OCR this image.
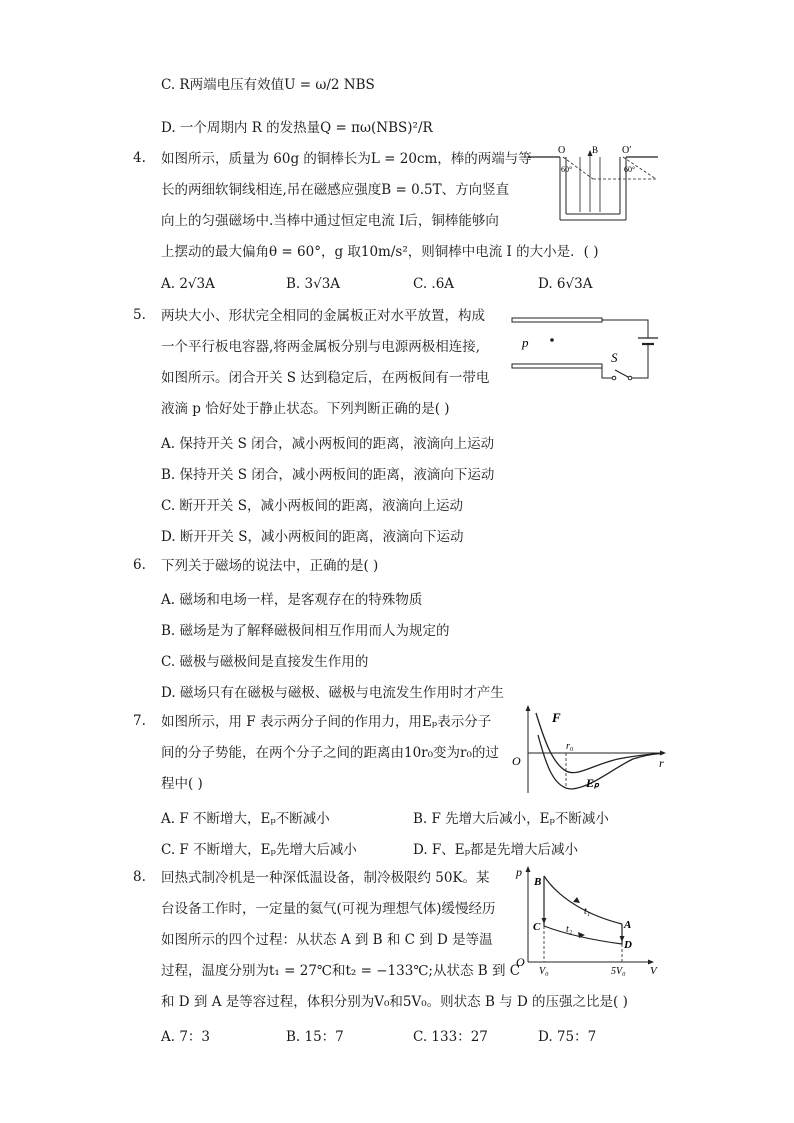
C. R两端电压有效值U = ω/2 NBS
D. 一个周期内 R 的发热量Q = πω(NBS)²/R
4. 如图所示，质量为 60g 的铜棒长为L = 20cm，棒的两端与等
长的两细软铜线相连,吊在磁感应强度B = 0.5T、方向竖直
向上的匀强磁场中.当棒中通过恒定电流 I后，铜棒能够向
上摆动的最大偏角θ = 60°，g 取10m/s²，则铜棒中电流 I 的大小是．( )
A. 2√3A	B. 3√3A	C. .6A	D. 6√3A
O	B O′
60°	60°
5. 两块大小、形状完全相同的金属板正对水平放置，构成
一个平行板电容器,将两金属板分别与电源两极相连接,
如图所示。闭合开关 S 达到稳定后，在两板间有一带电
液滴 p 恰好处于静止状态。下列判断正确的是( )
A. 保持开关 S 闭合，减小两板间的距离，液滴向上运动
B. 保持开关 S 闭合，减小两板间的距离，液滴向下运动
C. 断开开关 S，减小两板间的距离，液滴向上运动
D. 断开开关 S，减小两板间的距离，液滴向下运动
p
S
6. 下列关于磁场的说法中，正确的是( )
A. 磁场和电场一样，是客观存在的特殊物质
B. 磁场是为了解释磁极间相互作用而人为规定的
C. 磁极与磁极间是直接发生作用的
D. 磁场只有在磁极与磁极、磁极与电流发生作用时才产生
7. 如图所示，用 F 表示两分子间的作用力，用Eₚ表示分子
间的分子势能，在两个分子之间的距离由10r₀变为r₀的过
程中( )
A. F 不断增大，Eₚ不断减小	B. F 先增大后减小，Eₚ不断减小
C. F 不断增大，Eₚ先增大后减小	D. F、Eₚ都是先增大后减小
F
r₀
O	r
Eₚ
8. 回热式制冷机是一种深低温设备，制冷极限约 50K。某
台设备工作时，一定量的氦气(可视为理想气体)缓慢经历
如图所示的四个过程：从状态 A 到 B 和 C 到 D 是等温
过程，温度分别为t₁ = 27℃和t₂ = −133℃;从状态 B 到 C
和 D 到 A 是等容过程，体积分别为V₀和5V₀。则状态 B 与 D 的压强之比是( )
A. 7：3	B. 15：7	C. 133：27	D. 75：7
p
B
t₁
C	t₂	A
D
O
V₀	5V₀ V
